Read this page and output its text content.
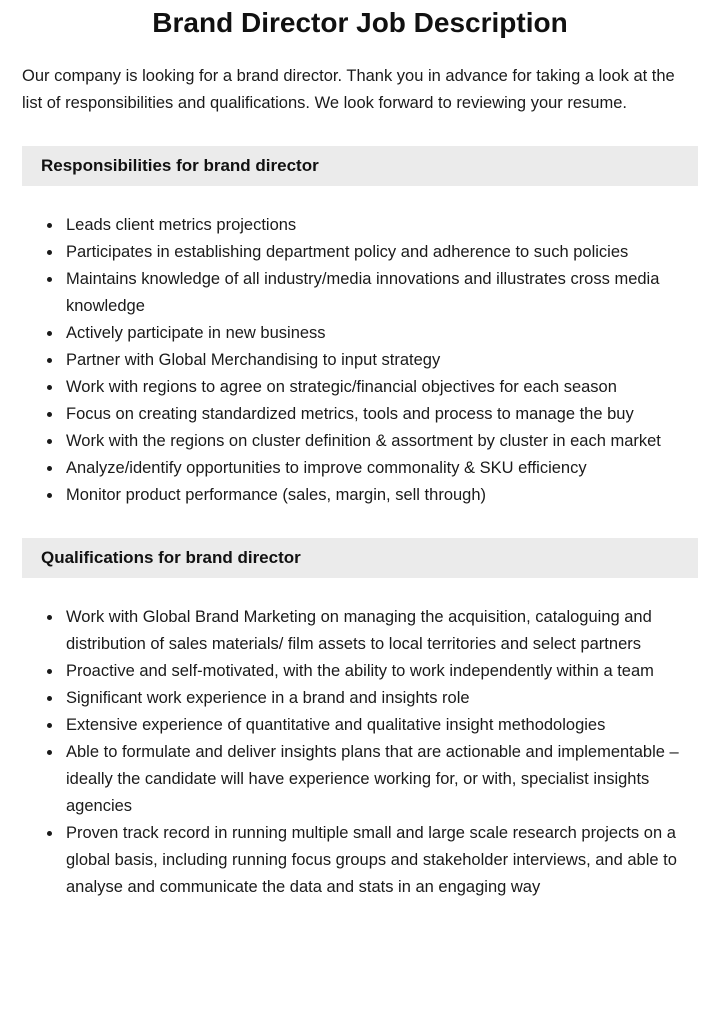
Brand Director Job Description

Our company is looking for a brand director. Thank you in advance for taking a look at the list of responsibilities and qualifications. We look forward to reviewing your resume.

Responsibilities for brand director
• Leads client metrics projections
• Participates in establishing department policy and adherence to such policies
• Maintains knowledge of all industry/media innovations and illustrates cross media knowledge
• Actively participate in new business
• Partner with Global Merchandising to input strategy
• Work with regions to agree on strategic/financial objectives for each season
• Focus on creating standardized metrics, tools and process to manage the buy
• Work with the regions on cluster definition & assortment by cluster in each market
• Analyze/identify opportunities to improve commonality & SKU efficiency
• Monitor product performance (sales, margin, sell through)
Qualifications for brand director
• Work with Global Brand Marketing on managing the acquisition, cataloguing and distribution of sales materials/ film assets to local territories and select partners
• Proactive and self-motivated, with the ability to work independently within a team
• Significant work experience in a brand and insights role
• Extensive experience of quantitative and qualitative insight methodologies
• Able to formulate and deliver insights plans that are actionable and implementable – ideally the candidate will have experience working for, or with, specialist insights agencies
• Proven track record in running multiple small and large scale research projects on a global basis, including running focus groups and stakeholder interviews, and able to analyse and communicate the data and stats in an engaging way
